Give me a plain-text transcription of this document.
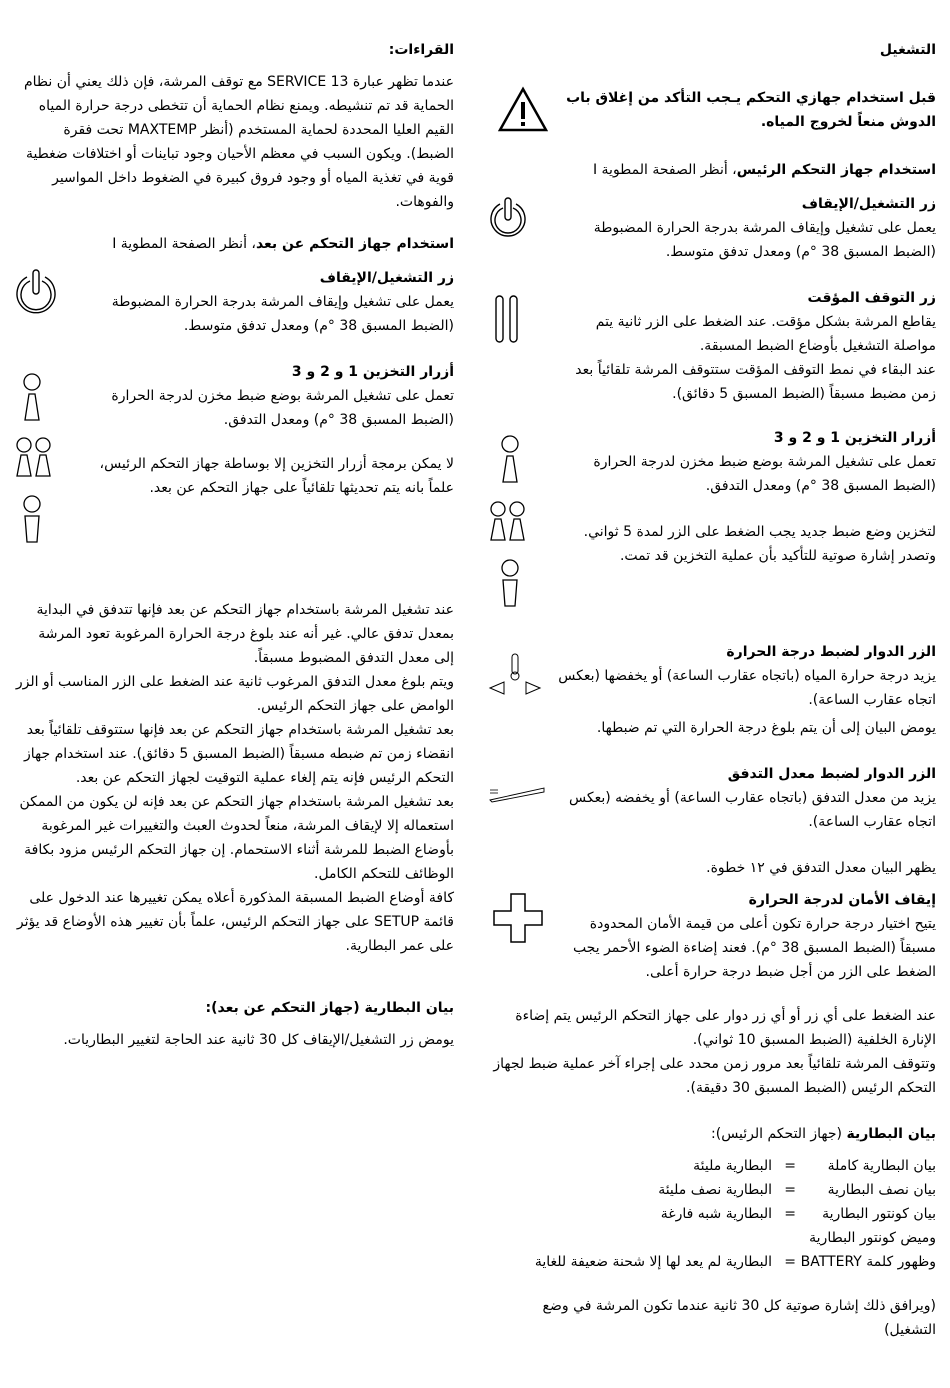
التشغيل
قبل استخدام جهازي التحكم يـجب التأكد من إغلاق باب الدوش منعاً لخروج المياه.
استخدام جهاز التحكم الرئيس، أنظر الصفحة المطوية I
زر التشغيل/الإيقاف
يعمل على تشغيل وإيقاف المرشة بدرجة الحرارة المضبوطة (الضبط المسبق 38 °م) ومعدل تدفق متوسط.
زر التوقف المؤقت
يقاطع المرشة بشكل مؤقت. عند الضغط على الزر ثانية يتم مواصلة التشغيل بأوضاع الضبط المسبقة.
عند البقاء في نمط التوقف المؤقت ستتوقف المرشة تلقائياً بعد زمن مضبط مسبقاً (الضبط المسبق 5 دقائق).
أزرار التخزين 1 و 2 و 3
تعمل على تشغيل المرشة بوضع ضبط مخزن لدرجة الحرارة (الضبط المسبق 38 °م) ومعدل التدفق.
لتخزين وضع ضبط جديد يجب الضغط على الزر لمدة 5 ثواني. وتصدر إشارة صوتية للتأكيد بأن عملية التخزين قد تمت.
الزر الدوار لضبط درجة الحرارة
يزيد درجة حرارة المياه (باتجاه عقارب الساعة) أو يخفضها (بعكس اتجاه عقارب الساعة).
يومض البيان إلى أن يتم بلوغ درجة الحرارة التي تم ضبطها.
الزر الدوار لضبط معدل التدفق
يزيد من معدل التدفق (باتجاه عقارب الساعة) أو يخفضه (بعكس اتجاه عقارب الساعة).
يظهر البيان معدل التدفق في ١٢ خطوة.
إيقاف الأمان لدرجة الحرارة
يتيح اختيار درجة حرارة تكون أعلى من قيمة الأمان المحدودة مسبقاً (الضبط المسبق 38 °م). فعند إضاءة الضوء الأحمر يجب الضغط على الزر من أجل ضبط درجة حرارة أعلى.
عند الضغط على أي زر أو أي زر دوار على جهاز التحكم الرئيس يتم إضاءة الإنارة الخلفية (الضبط المسبق 10 ثواني).
وتتوقف المرشة تلقائياً بعد مرور زمن محدد على إجراء آخر عملية ضبط لجهاز التحكم الرئيس (الضبط المسبق 30 دقيقة).
بيان البطارية (جهاز التحكم الرئيس):
بيان البطارية كاملة
=
البطارية مليئة
بيان نصف البطارية
=
البطارية نصف مليئة
بيان كونتور البطارية
=
البطارية شبه فارغة
وميض كونتور البطارية
وظهور كلمة BATTERY
=
البطارية لم يعد لها إلا شحنة ضعيفة للغاية
(ويرافق ذلك إشارة صوتية كل 30 ثانية عندما تكون المرشة في وضع التشغيل)
القراءات:
عندما تظهر عبارة SERVICE 13 مع توقف المرشة، فإن ذلك يعني أن نظام الحماية قد تم تنشيطه. ويمنع نظام الحماية أن تتخطى درجة حرارة المياه القيم العليا المحددة لحماية المستخدم (أنظر MAXTEMP تحت فقرة الضبط). ويكون السبب في معظم الأحيان وجود تباينات أو اختلافات ضغطية قوية في تغذية المياه أو وجود فروق كبيرة في الضغوط داخل المواسير والفوهات.
استخدام جهاز التحكم عن بعد، أنظر الصفحة المطوية I
زر التشغيل/الإيقاف
يعمل على تشغيل وإيقاف المرشة بدرجة الحرارة المضبوطة (الضبط المسبق 38 °م) ومعدل تدفق متوسط.
أزرار التخزين 1 و 2 و 3
تعمل على تشغيل المرشة بوضع ضبط مخزن لدرجة الحرارة (الضبط المسبق 38 °م) ومعدل التدفق.
لا يمكن برمجة أزرار التخزين إلا بوساطة جهاز التحكم الرئيس، علماً بانه يتم تحديثها تلقائياً على جهاز التحكم عن بعد.
عند تشغيل المرشة باستخدام جهاز التحكم عن بعد فإنها تتدفق في البداية بمعدل تدفق عالي. غير أنه عند بلوغ درجة الحرارة المرغوبة تعود المرشة إلى معدل التدفق المضبوط مسبقاً.
ويتم بلوغ معدل التدفق المرغوب ثانية عند الضغط على الزر المناسب أو الزر الوامض على جهاز التحكم الرئيس.
بعد تشغيل المرشة باستخدام جهاز التحكم عن بعد فإنها ستتوقف تلقائياً بعد انقضاء زمن تم ضبطه مسبقاً (الضبط المسبق 5 دقائق). عند استخدام جهاز التحكم الرئيس فإنه يتم إلغاء عملية التوقيت لجهاز التحكم عن بعد.
بعد تشغيل المرشة باستخدام جهاز التحكم عن بعد فإنه لن يكون من الممكن استعماله إلا لإيقاف المرشة، منعاً لحدوث العبث والتغييرات غير المرغوبة بأوضاع الضبط للمرشة أثناء الاستحمام. إن جهاز التحكم الرئيس مزود بكافة الوظائف للتحكم الكامل.
كافة أوضاع الضبط المسبقة المذكورة أعلاه يمكن تغييرها عند الدخول على قائمة SETUP على جهاز التحكم الرئيس، علماً بأن تغيير هذه الأوضاع قد يؤثر على عمر البطارية.
بيان البطارية (جهاز التحكم عن بعد):
يومض زر التشغيل/الإيقاف كل 30 ثانية عند الحاجة لتغيير البطاريات.
